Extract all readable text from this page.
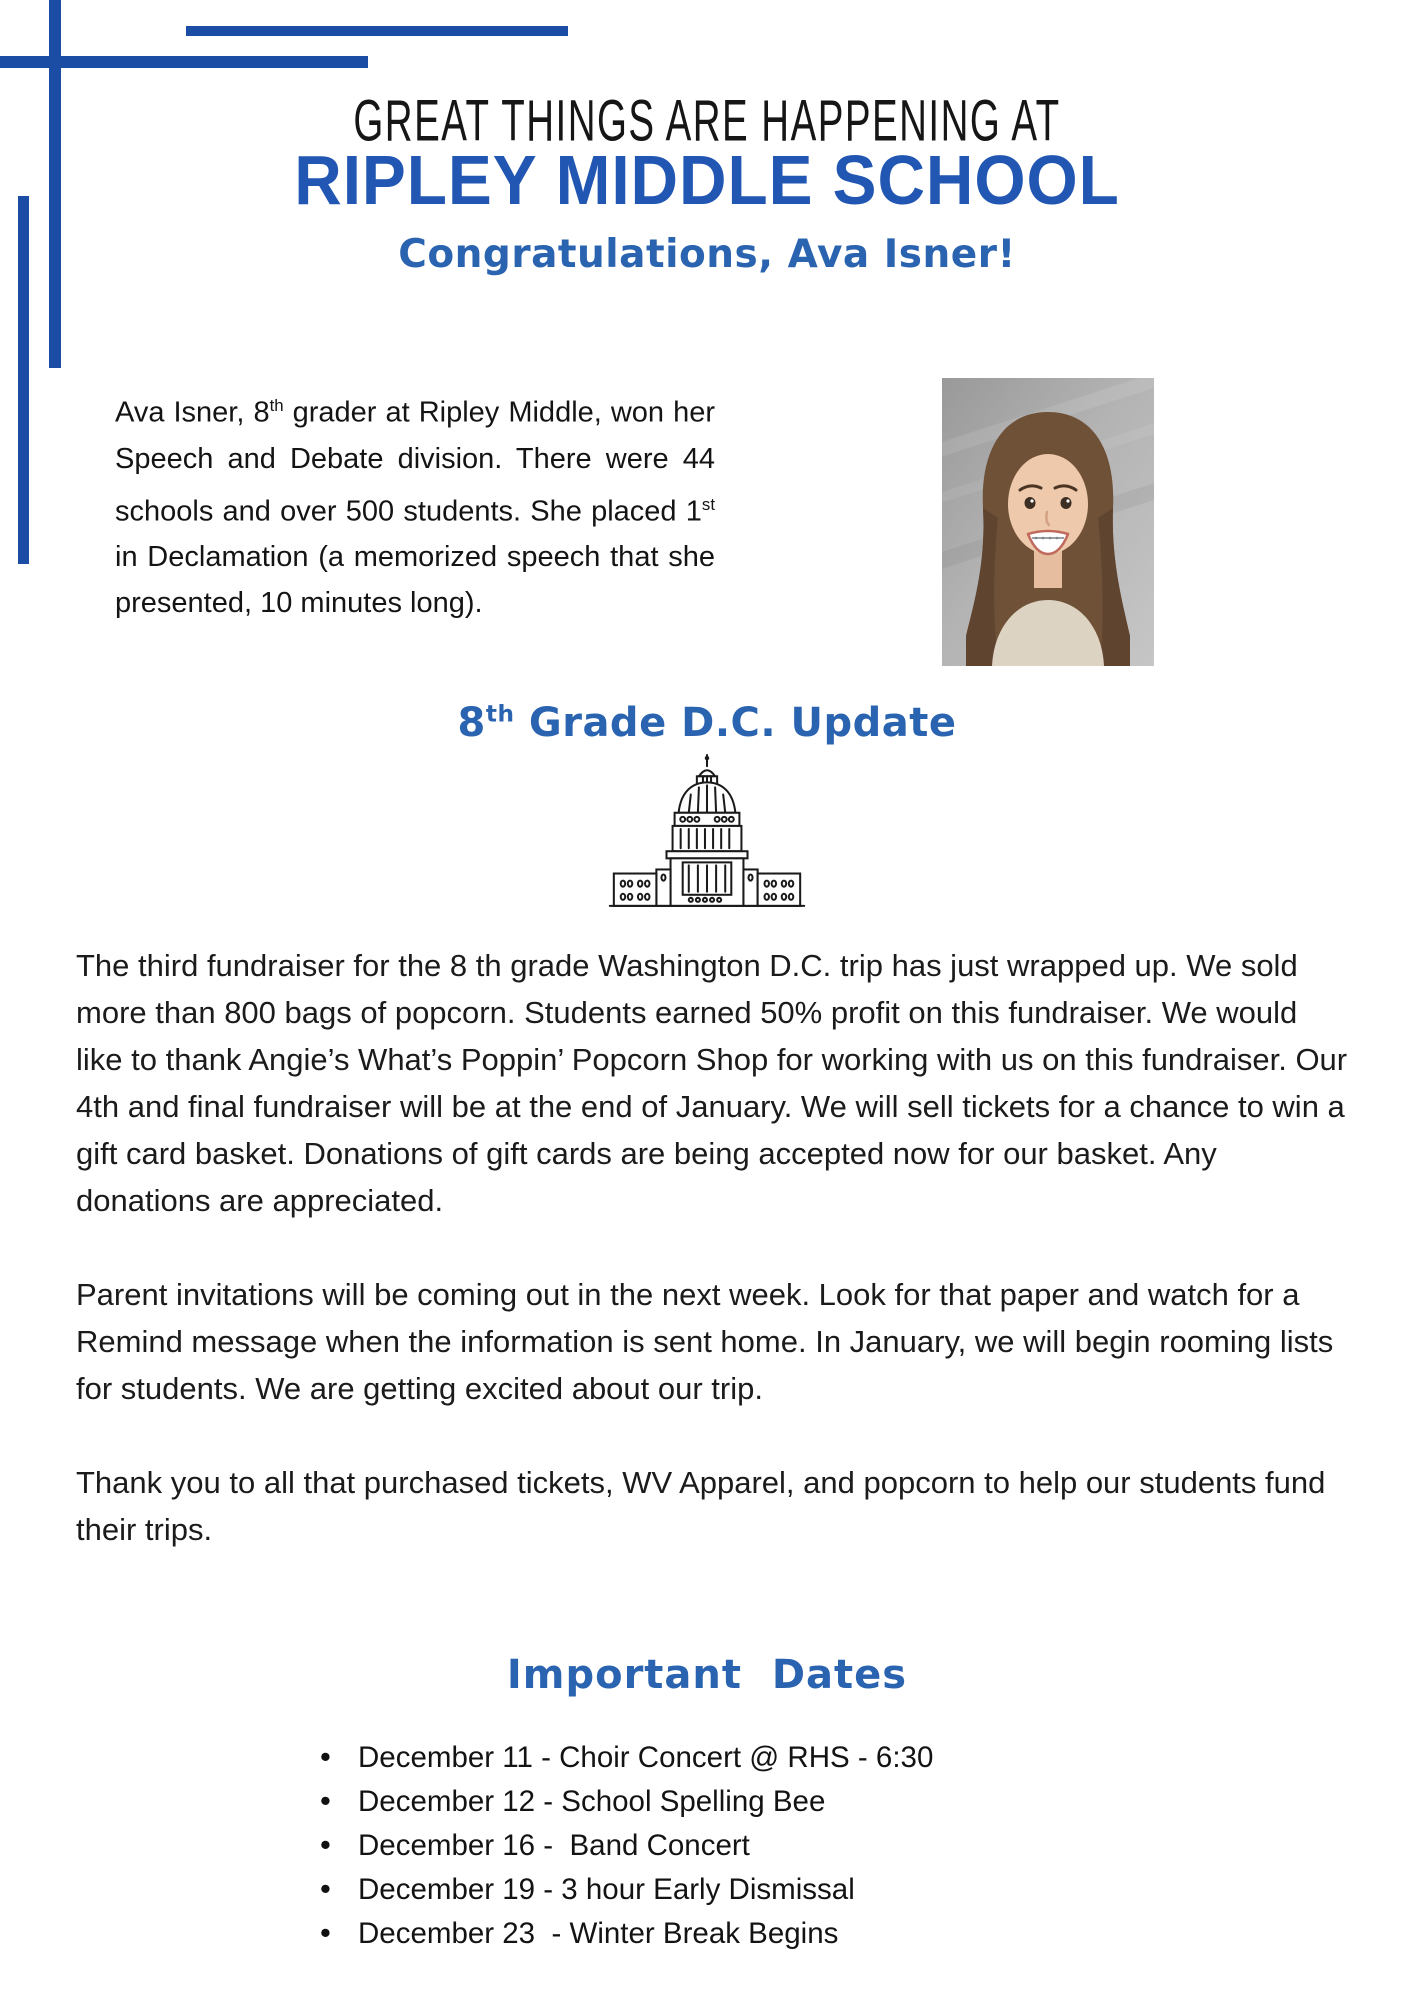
GREAT THINGS ARE HAPPENING AT
RIPLEY MIDDLE SCHOOL
Congratulations, Ava Isner!
Ava Isner, 8th grader at Ripley Middle, won her Speech and Debate division. There were 44 schools and over 500 students. She placed 1st in Declamation (a memorized speech that she presented, 10 minutes long).
8th Grade D.C. Update

The third fundraiser for the 8 th grade Washington D.C. trip has just wrapped up. We sold more than 800 bags of popcorn. Students earned 50% profit on this fundraiser. We would like to thank Angie’s What’s Poppin’ Popcorn Shop for working with us on this fundraiser. Our 4th and final fundraiser will be at the end of January. We will sell tickets for a chance to win a gift card basket. Donations of gift cards are being accepted now for our basket. Any donations are appreciated.

Parent invitations will be coming out in the next week. Look for that paper and watch for a Remind message when the information is sent home. In January, we will begin rooming lists for students. We are getting excited about our trip.

Thank you to all that purchased tickets, WV Apparel, and popcorn to help our students fund their trips.

Important  Dates
• December 11 - Choir Concert @ RHS - 6:30
• December 12 - School Spelling Bee
• December 16 -  Band Concert
• December 19 - 3 hour Early Dismissal
• December 23  - Winter Break Begins
